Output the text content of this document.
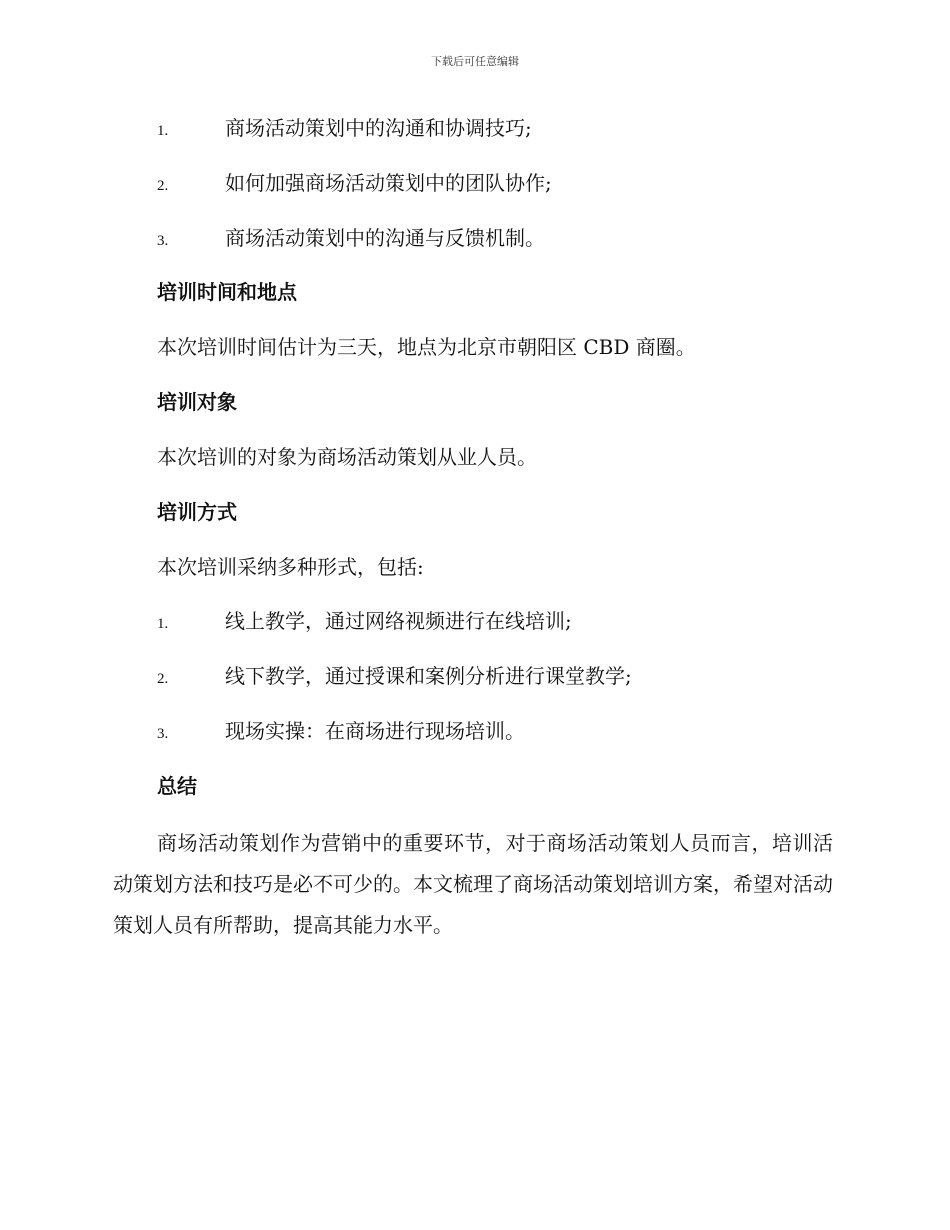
下载后可任意编辑
1.	商场活动策划中的沟通和协调技巧;
2.	如何加强商场活动策划中的团队协作;
3.	商场活动策划中的沟通与反馈机制。
培训时间和地点
本次培训时间估计为三天，地点为北京市朝阳区 CBD 商圈。
培训对象
本次培训的对象为商场活动策划从业人员。
培训方式
本次培训采纳多种形式，包括:
1.	线上教学，通过网络视频进行在线培训;
2.	线下教学，通过授课和案例分析进行课堂教学;
3.	现场实操：在商场进行现场培训。
总结
商场活动策划作为营销中的重要环节，对于商场活动策划人员而言，培训活动策划方法和技巧是必不可少的。本文梳理了商场活动策划培训方案，希望对活动策划人员有所帮助，提高其能力水平。
